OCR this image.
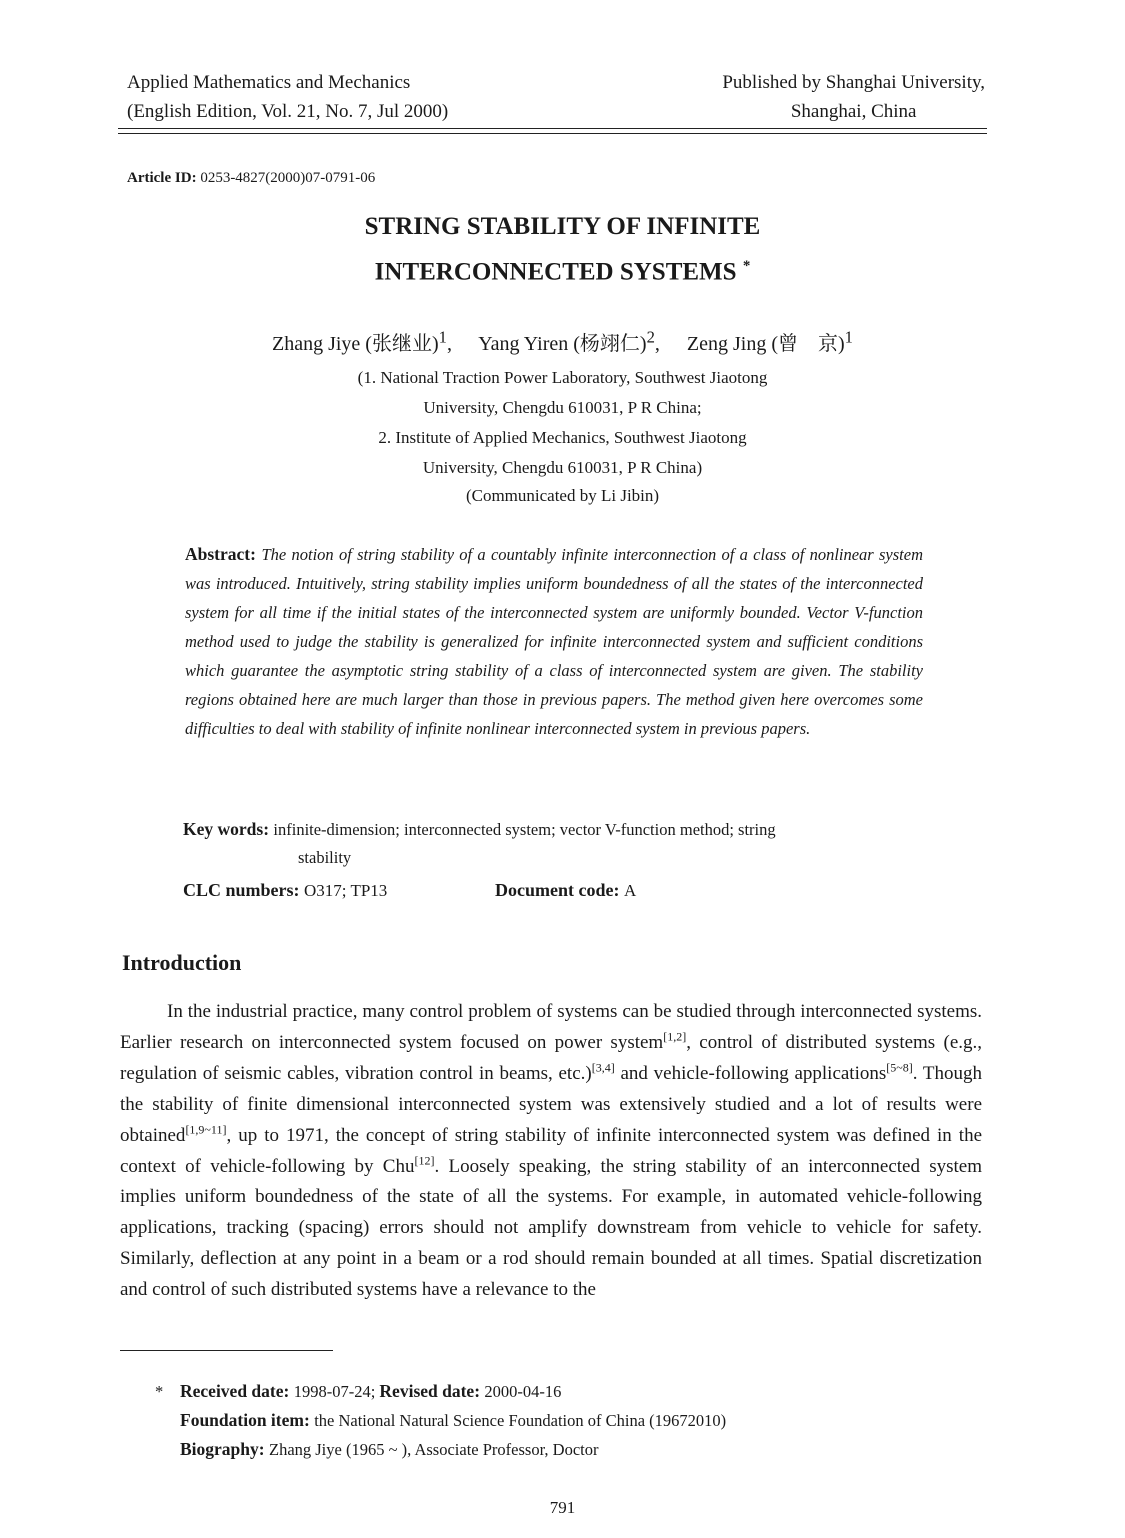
Applied Mathematics and Mechanics
(English Edition, Vol. 21, No. 7, Jul 2000)
Published by Shanghai University,
Shanghai, China
Article ID: 0253-4827(2000)07-0791-06
STRING STABILITY OF INFINITE
INTERCONNECTED SYSTEMS *
Zhang Jiye (张继业)$^1$, Yang Yiren (杨翊仁)$^2$, Zeng Jing (曾　京)$^1$
(1. National Traction Power Laboratory, Southwest Jiaotong
University, Chengdu 610031, P R China;
2. Institute of Applied Mechanics, Southwest Jiaotong
University, Chengdu 610031, P R China)
(Communicated by Li Jibin)
Abstract: The notion of string stability of a countably infinite interconnection of a class of nonlinear system was introduced. Intuitively, string stability implies uniform boundedness of all the states of the interconnected system for all time if the initial states of the interconnected system are uniformly bounded. Vector V-function method used to judge the stability is generalized for infinite interconnected system and sufficient conditions which guarantee the asymptotic string stability of a class of interconnected system are given. The stability regions obtained here are much larger than those in previous papers. The method given here overcomes some difficulties to deal with stability of infinite nonlinear interconnected system in previous papers.
Key words: infinite-dimension; interconnected system; vector V-function method; string
stability
CLC numbers: O317; TP13	Document code: A
Introduction

In the industrial practice, many control problem of systems can be studied through interconnected systems. Earlier research on interconnected system focused on power system[1,2], control of distributed systems (e.g., regulation of seismic cables, vibration control in beams, etc.)[3,4] and vehicle-following applications[5~8]. Though the stability of finite dimensional interconnected system was extensively studied and a lot of results were obtained[1,9~11], up to 1971, the concept of string stability of infinite interconnected system was defined in the context of vehicle-following by Chu[12]. Loosely speaking, the string stability of an interconnected system implies uniform boundedness of the state of all the systems. For example, in automated vehicle-following applications, tracking (spacing) errors should not amplify downstream from vehicle to vehicle for safety. Similarly, deflection at any point in a beam or a rod should remain bounded at all times. Spatial discretization and control of such distributed systems have a relevance to the

* Received date: 1998-07-24; Revised date: 2000-04-16
Foundation item: the National Natural Science Foundation of China (19672010)
Biography: Zhang Jiye (1965 ~ ), Associate Professor, Doctor
791
